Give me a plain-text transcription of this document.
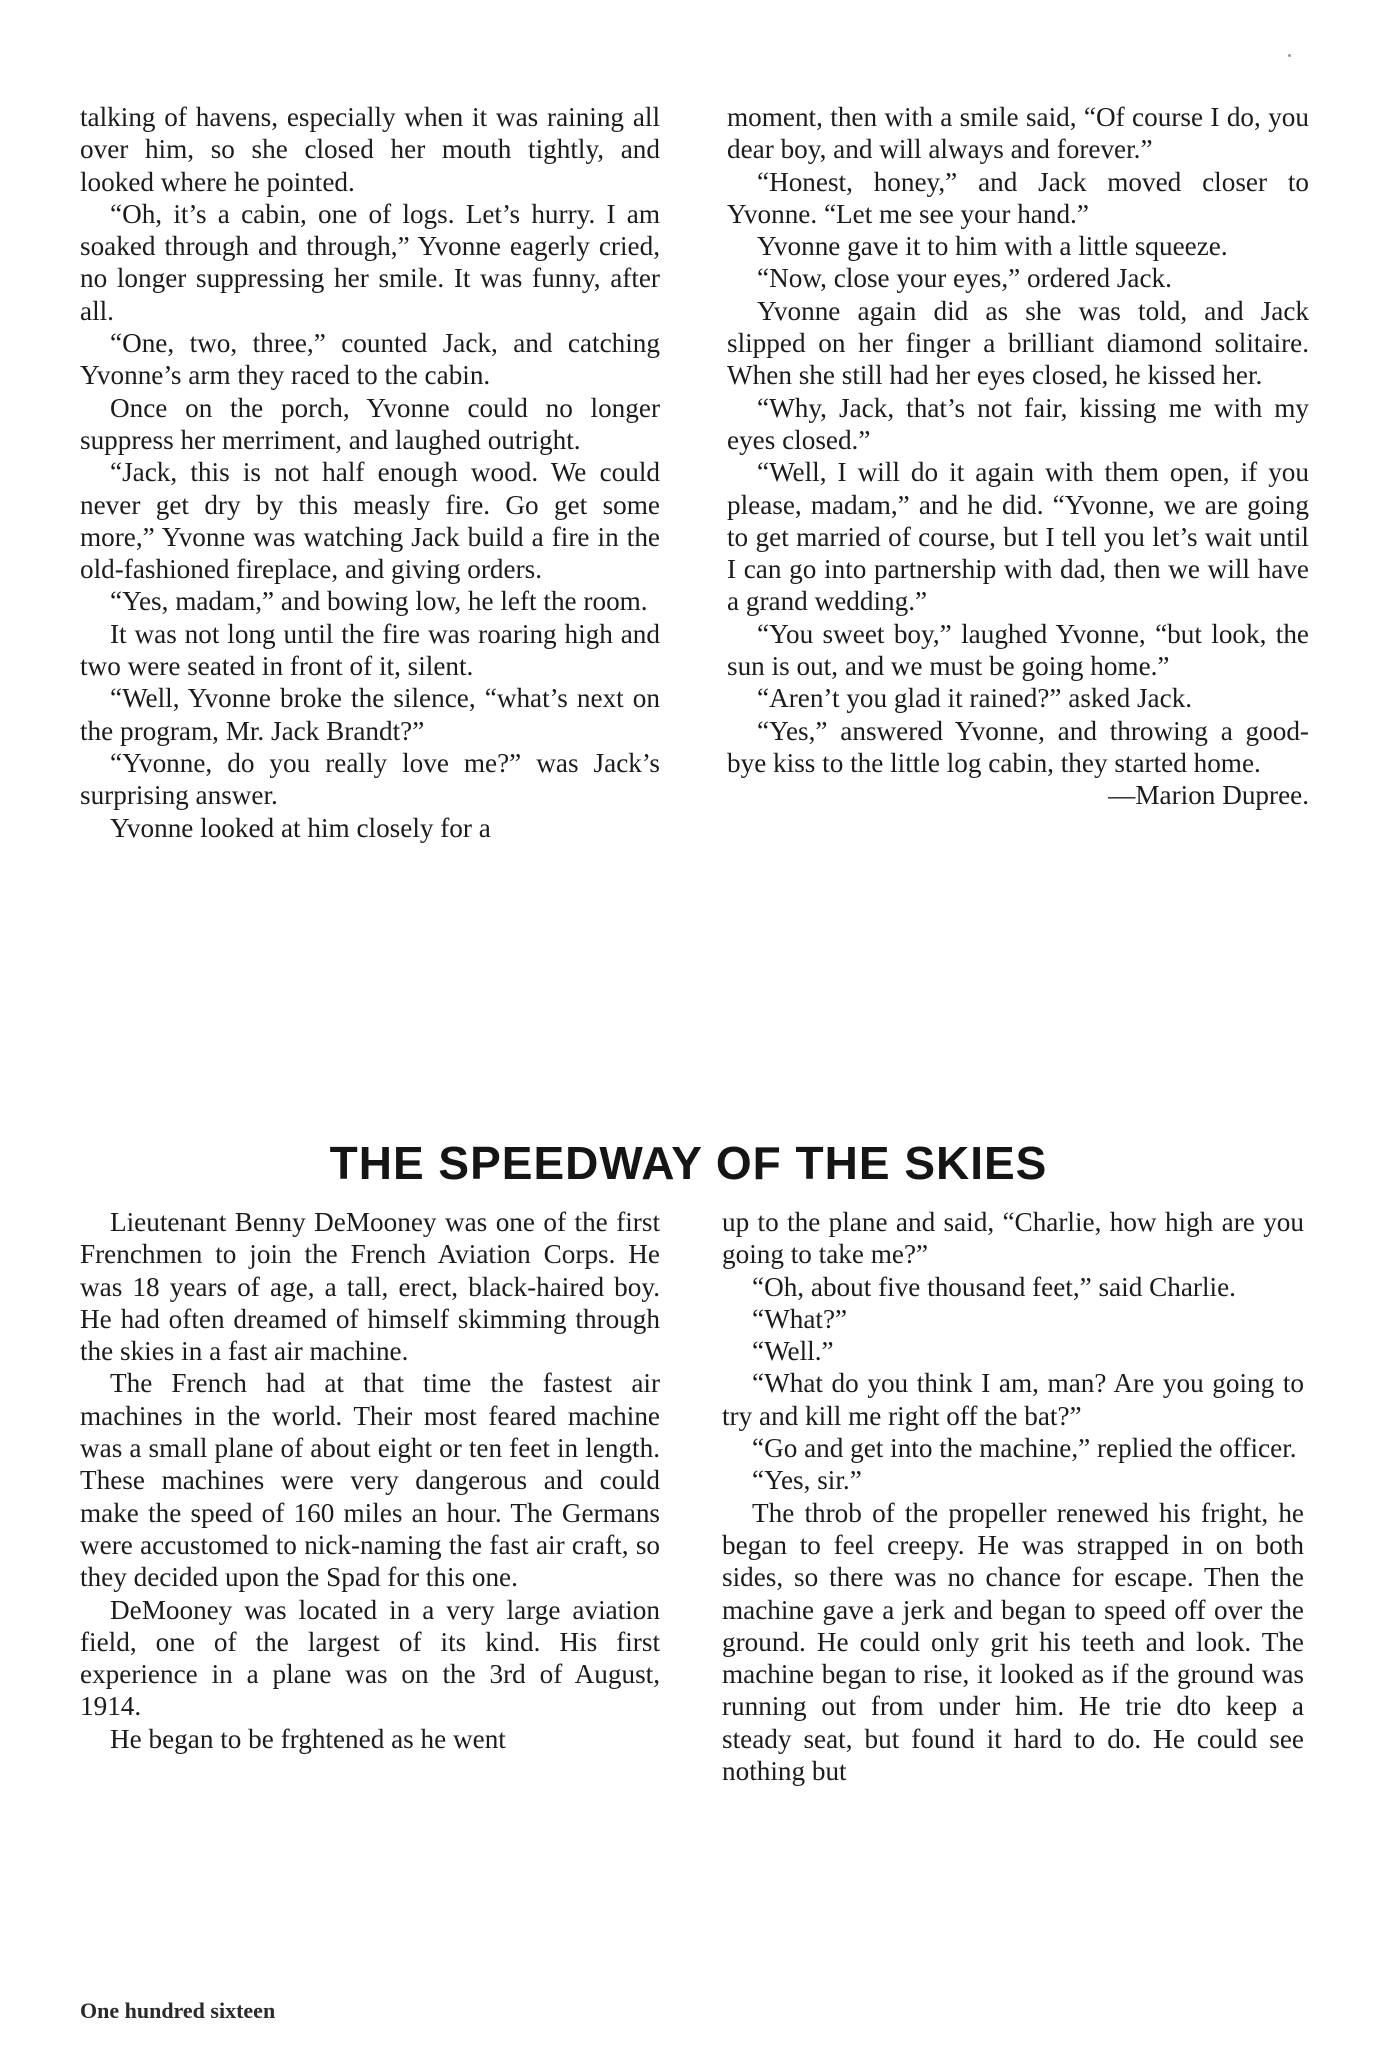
talking of havens, especially when it was raining all over him, so she closed her mouth tightly, and looked where he pointed.

“Oh, it’s a cabin, one of logs. Let’s hurry. I am soaked through and through,” Yvonne eagerly cried, no longer suppressing her smile. It was funny, after all.

“One, two, three,” counted Jack, and catching Yvonne’s arm they raced to the cabin.

Once on the porch, Yvonne could no longer suppress her merriment, and laughed outright.

“Jack, this is not half enough wood. We could never get dry by this measly fire. Go get some more,” Yvonne was watching Jack build a fire in the old-fashioned fireplace, and giving orders.

“Yes, madam,” and bowing low, he left the room.

It was not long until the fire was roaring high and two were seated in front of it, silent.

“Well, Yvonne broke the silence, “what’s next on the program, Mr. Jack Brandt?”

“Yvonne, do you really love me?” was Jack’s surprising answer.

Yvonne looked at him closely for a

moment, then with a smile said, “Of course I do, you dear boy, and will always and forever.”

“Honest, honey,” and Jack moved closer to Yvonne. “Let me see your hand.”

Yvonne gave it to him with a little squeeze.

“Now, close your eyes,” ordered Jack.

Yvonne again did as she was told, and Jack slipped on her finger a brilliant diamond solitaire. When she still had her eyes closed, he kissed her.

“Why, Jack, that’s not fair, kissing me with my eyes closed.”

“Well, I will do it again with them open, if you please, madam,” and he did. “Yvonne, we are going to get married of course, but I tell you let’s wait until I can go into partnership with dad, then we will have a grand wedding.”

“You sweet boy,” laughed Yvonne, “but look, the sun is out, and we must be going home.”

“Aren’t you glad it rained?” asked Jack.

“Yes,” answered Yvonne, and throwing a good-bye kiss to the little log cabin, they started home.

—Marion Dupree.

THE SPEEDWAY OF THE SKIES

Lieutenant Benny DeMooney was one of the first Frenchmen to join the French Aviation Corps. He was 18 years of age, a tall, erect, black-haired boy. He had often dreamed of himself skimming through the skies in a fast air machine.

The French had at that time the fastest air machines in the world. Their most feared machine was a small plane of about eight or ten feet in length. These machines were very dangerous and could make the speed of 160 miles an hour. The Germans were accustomed to nick-naming the fast air craft, so they decided upon the Spad for this one.

DeMooney was located in a very large aviation field, one of the largest of its kind. His first experience in a plane was on the 3rd of August, 1914.

He began to be frghtened as he went

up to the plane and said, “Charlie, how high are you going to take me?”

“Oh, about five thousand feet,” said Charlie.

“What?”

“Well.”

“What do you think I am, man? Are you going to try and kill me right off the bat?”

“Go and get into the machine,” replied the officer.

“Yes, sir.”

The throb of the propeller renewed his fright, he began to feel creepy. He was strapped in on both sides, so there was no chance for escape. Then the machine gave a jerk and began to speed off over the ground. He could only grit his teeth and look. The machine began to rise, it looked as if the ground was running out from under him. He trie dto keep a steady seat, but found it hard to do. He could see nothing but

One hundred sixteen
